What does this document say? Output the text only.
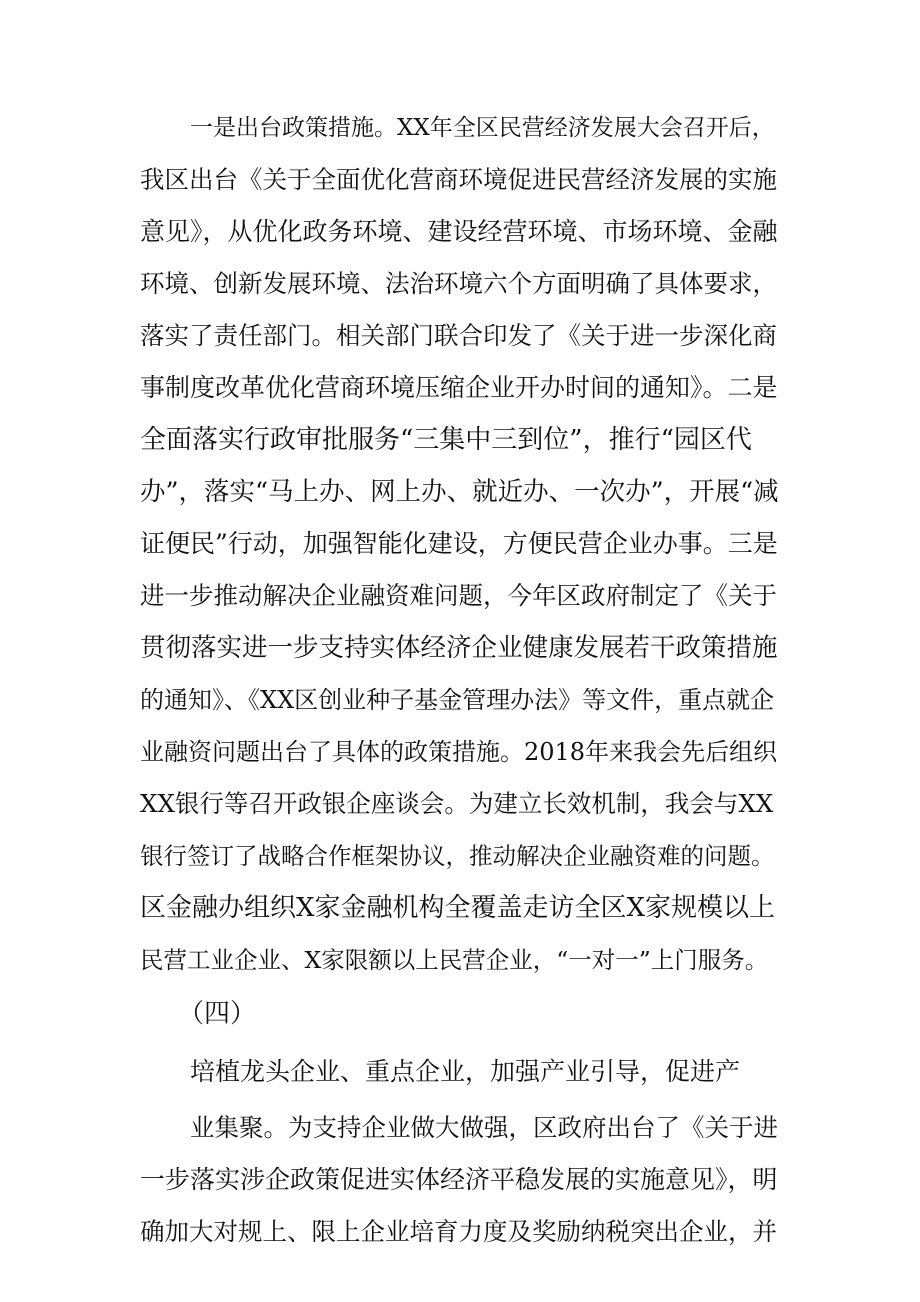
一是出台政策措施。XX年全区民营经济发展大会召开后，
我区出台《关于全面优化营商环境促进民营经济发展的实施
意见》，从优化政务环境、建设经营环境、市场环境、金融
环境、创新发展环境、法治环境六个方面明确了具体要求，
落实了责任部门。相关部门联合印发了《关于进一步深化商
事制度改革优化营商环境压缩企业开办时间的通知》。二是
全面落实行政审批服务“三集中三到位”，推行“园区代
办”，落实“马上办、网上办、就近办、一次办”，开展“减
证便民”行动，加强智能化建设，方便民营企业办事。三是
进一步推动解决企业融资难问题，今年区政府制定了《关于
贯彻落实进一步支持实体经济企业健康发展若干政策措施
的通知》、《XX区创业种子基金管理办法》等文件，重点就企
业融资问题出台了具体的政策措施。2018年来我会先后组织
XX银行等召开政银企座谈会。为建立长效机制，我会与XX
银行签订了战略合作框架协议，推动解决企业融资难的问题。
区金融办组织X家金融机构全覆盖走访全区X家规模以上
民营工业企业、X家限额以上民营企业，“一对一”上门服务。
（四）
培植龙头企业、重点企业，加强产业引导，促进产
业集聚。为支持企业做大做强，区政府出台了《关于进
一步落实涉企政策促进实体经济平稳发展的实施意见》，明
确加大对规上、限上企业培育力度及奖励纳税突出企业，并
